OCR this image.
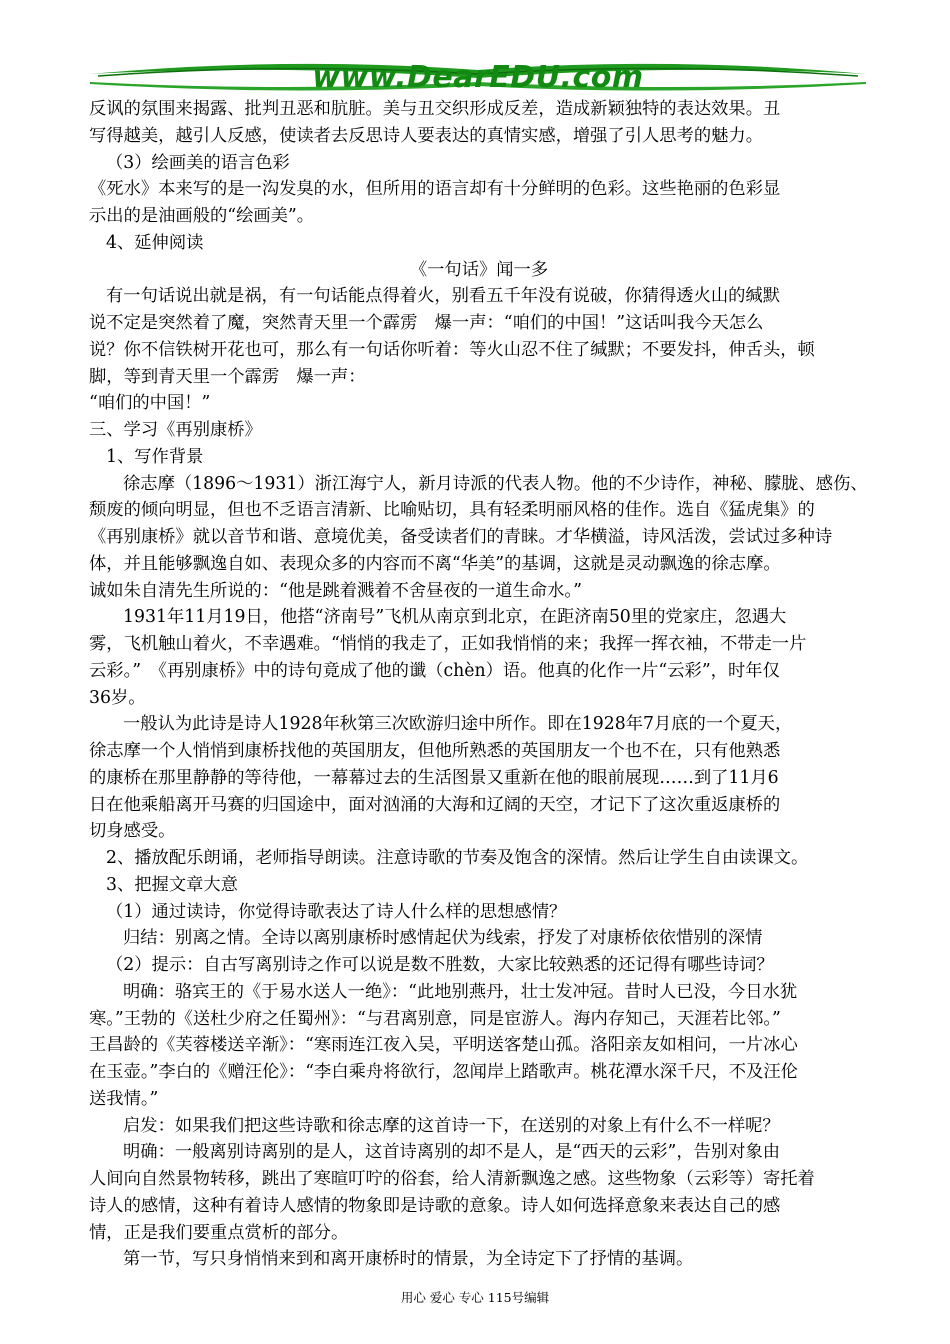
www.DearEDU.com
反讽的氛围来揭露、批判丑恶和肮脏。美与丑交织形成反差，造成新颖独特的表达效果。丑
写得越美，越引人反感，使读者去反思诗人要表达的真情实感，增强了引人思考的魅力。
（3）绘画美的语言色彩
《死水》本来写的是一沟发臭的水，但所用的语言却有十分鲜明的色彩。这些艳丽的色彩显
示出的是油画般的“绘画美”。
4、延伸阅读
《一句话》闻一多
有一句话说出就是祸，有一句话能点得着火，别看五千年没有说破，你猜得透火山的缄默
说不定是突然着了魔，突然青天里一个霹雳　爆一声：“咱们的中国！”这话叫我今天怎么
说？你不信铁树开花也可，那么有一句话你听着：等火山忍不住了缄默；不要发抖，伸舌头，顿
脚，等到青天里一个霹雳　爆一声：
“咱们的中国！”
三、学习《再别康桥》
1、写作背景
徐志摩（1896～1931）浙江海宁人，新月诗派的代表人物。他的不少诗作，神秘、朦胧、感伤、
颓废的倾向明显，但也不乏语言清新、比喻贴切，具有轻柔明丽风格的佳作。选自《猛虎集》的
《再别康桥》就以音节和谐、意境优美，备受读者们的青睐。才华横溢，诗风活泼，尝试过多种诗
体，并且能够飘逸自如、表现众多的内容而不离“华美”的基调，这就是灵动飘逸的徐志摩。
诚如朱自清先生所说的：“他是跳着溅着不舍昼夜的一道生命水。”
1931年11月19日，他搭“济南号”飞机从南京到北京，在距济南50里的党家庄，忽遇大
雾，飞机触山着火，不幸遇难。“悄悄的我走了，正如我悄悄的来；我挥一挥衣袖，不带走一片
云彩。”　《再别康桥》中的诗句竟成了他的谶（chèn）语。他真的化作一片“云彩”，时年仅
36岁。
一般认为此诗是诗人1928年秋第三次欧游归途中所作。即在1928年7月底的一个夏天，
徐志摩一个人悄悄到康桥找他的英国朋友，但他所熟悉的英国朋友一个也不在，只有他熟悉
的康桥在那里静静的等待他，一幕幕过去的生活图景又重新在他的眼前展现……到了11月6
日在他乘船离开马赛的归国途中，面对汹涌的大海和辽阔的天空，才记下了这次重返康桥的
切身感受。
2、播放配乐朗诵，老师指导朗读。注意诗歌的节奏及饱含的深情。然后让学生自由读课文。
3、把握文章大意
（1）通过读诗，你觉得诗歌表达了诗人什么样的思想感情？
归结：别离之情。全诗以离别康桥时感情起伏为线索，抒发了对康桥依依惜别的深情
（2）提示：自古写离别诗之作可以说是数不胜数，大家比较熟悉的还记得有哪些诗词？
明确：骆宾王的《于易水送人一绝》：“此地别燕丹，壮士发冲冠。昔时人已没，今日水犹
寒。”王勃的《送杜少府之任蜀州》：“与君离别意，同是宦游人。海内存知己，天涯若比邻。”
王昌龄的《芙蓉楼送辛渐》：“寒雨连江夜入吴，平明送客楚山孤。洛阳亲友如相问，一片冰心
在玉壶。”李白的《赠汪伦》：“李白乘舟将欲行，忽闻岸上踏歌声。桃花潭水深千尺，不及汪伦
送我情。”
启发：如果我们把这些诗歌和徐志摩的这首诗一下，在送别的对象上有什么不一样呢？
明确：一般离别诗离别的是人，这首诗离别的却不是人，是“西天的云彩”，告别对象由
人间向自然景物转移，跳出了寒暄叮咛的俗套，给人清新飘逸之感。这些物象（云彩等）寄托着
诗人的感情，这种有着诗人感情的物象即是诗歌的意象。诗人如何选择意象来表达自己的感
情，正是我们要重点赏析的部分。
第一节，写只身悄悄来到和离开康桥时的情景，为全诗定下了抒情的基调。
用心 爱心 专心 115号编辑
